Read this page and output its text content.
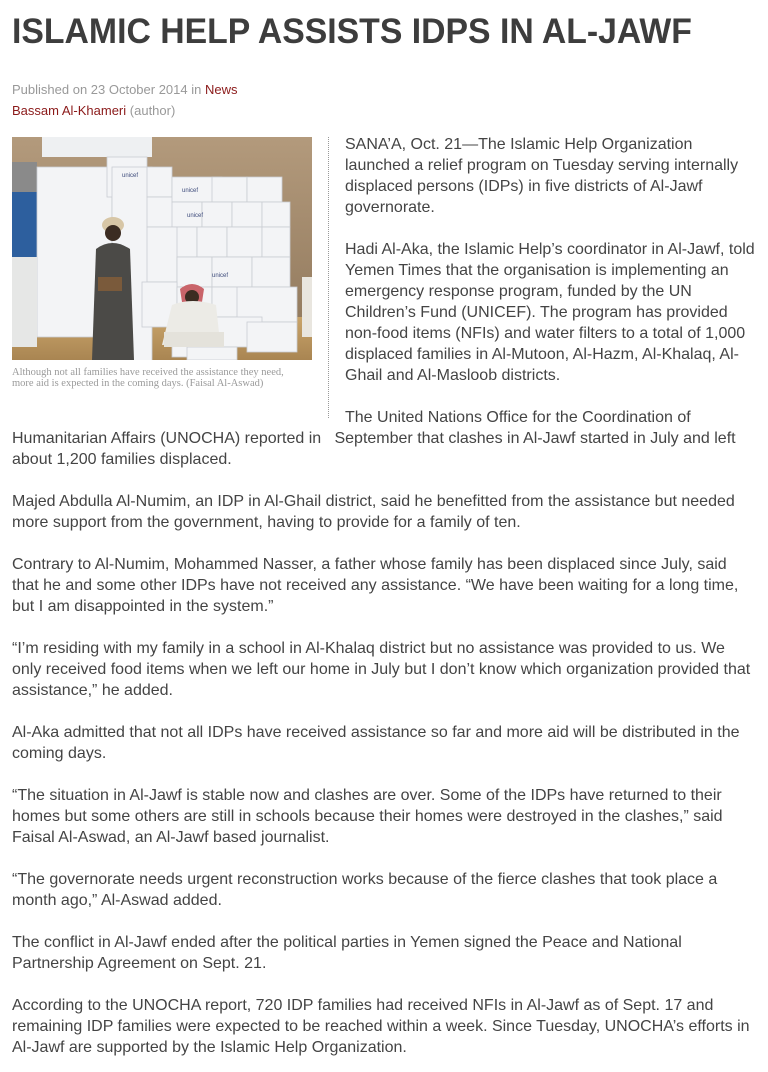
ISLAMIC HELP ASSISTS IDPS IN AL-JAWF
Published on 23 October 2014 in News
Bassam Al-Khameri (author)
unicef
unicef
unicef
unicef
Although not all families have received the assistance they need, more aid is expected in the coming days. (Faisal Al-Aswad)

SANA’A, Oct. 21—The Islamic Help Organization launched a relief program on Tuesday serving internally displaced persons (IDPs) in five districts of Al-Jawf governorate.

Hadi Al-Aka, the Islamic Help’s coordinator in Al-Jawf, told Yemen Times that the organisation is implementing an emergency response program, funded by the UN Children’s Fund (UNICEF). The program has provided non-food items (NFIs) and water filters to a total of 1,000 displaced families in Al-Mutoon, Al-Hazm, Al-Khalaq, Al-Ghail and Al-Masloob districts.

The United Nations Office for the Coordination of Humanitarian Affairs (UNOCHA) reported in   September that clashes in Al-Jawf started in July and left about 1,200 families displaced.

Majed Abdulla Al-Numim, an IDP in Al-Ghail district, said he benefitted from the assistance but needed more support from the government, having to provide for a family of ten.

Contrary to Al-Numim, Mohammed Nasser, a father whose family has been displaced since July, said that he and some other IDPs have not received any assistance. “We have been waiting for a long time, but I am disappointed in the system.”

“I’m residing with my family in a school in Al-Khalaq district but no assistance was provided to us. We only received food items when we left our home in July but I don’t know which organization provided that assistance,” he added.

Al-Aka admitted that not all IDPs have received assistance so far and more aid will be distributed in the coming days.

“The situation in Al-Jawf is stable now and clashes are over. Some of the IDPs have returned to their homes but some others are still in schools because their homes were destroyed in the clashes,” said Faisal Al-Aswad, an Al-Jawf based journalist.

“The governorate needs urgent reconstruction works because of the fierce clashes that took place a month ago,” Al-Aswad added.

The conflict in Al-Jawf ended after the political parties in Yemen signed the Peace and National Partnership Agreement on Sept. 21.

According to the UNOCHA report, 720 IDP families had received NFIs in Al-Jawf as of Sept. 17 and remaining IDP families were expected to be reached within a week. Since Tuesday, UNOCHA’s efforts in Al-Jawf are supported by the Islamic Help Organization.
